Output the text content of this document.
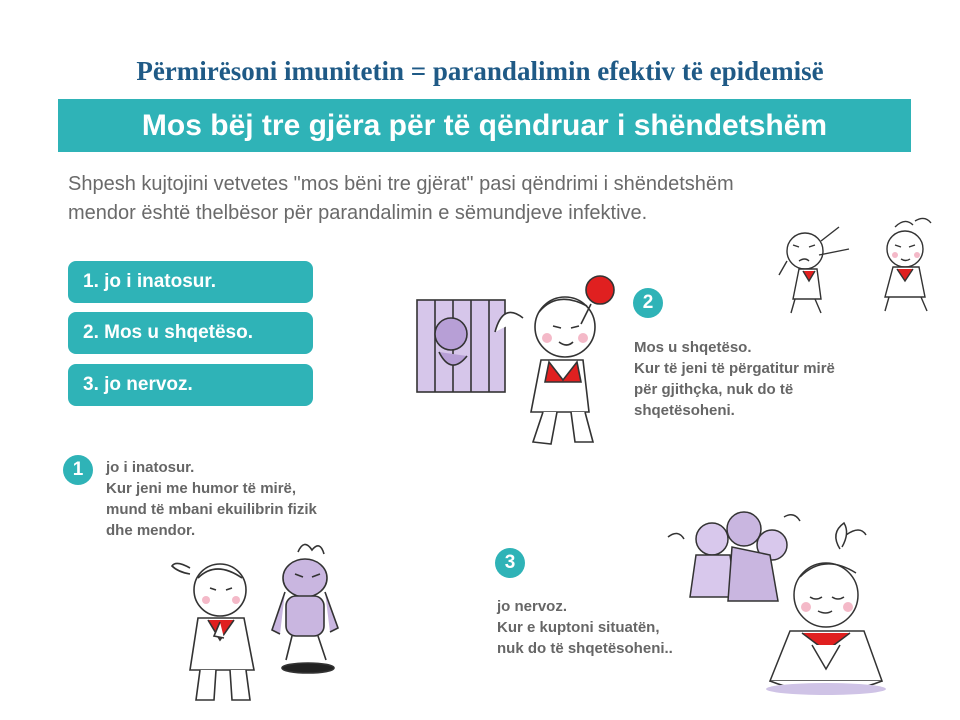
Përmirësoni imunitetin = parandalimin efektiv të epidemisë
Mos bëj tre gjëra për të qëndruar i shëndetshëm
Shpesh kujtojini vetvetes "mos bëni tre gjërat" pasi qëndrimi i shëndetshëm
mendor është thelbësor për parandalimin e sëmundjeve infektive.
1. jo i inatosur.
2. Mos u shqetëso.
3. jo nervoz.
1	jo i inatosur.
Kur jeni me humor të mirë,
mund të mbani ekuilibrin fizik
dhe mendor.
2
Mos u shqetëso.
Kur të jeni të përgatitur mirë
për gjithçka, nuk do të
shqetësoheni.
3
jo nervoz.
Kur e kuptoni situatën,
nuk do të shqetësoheni..
